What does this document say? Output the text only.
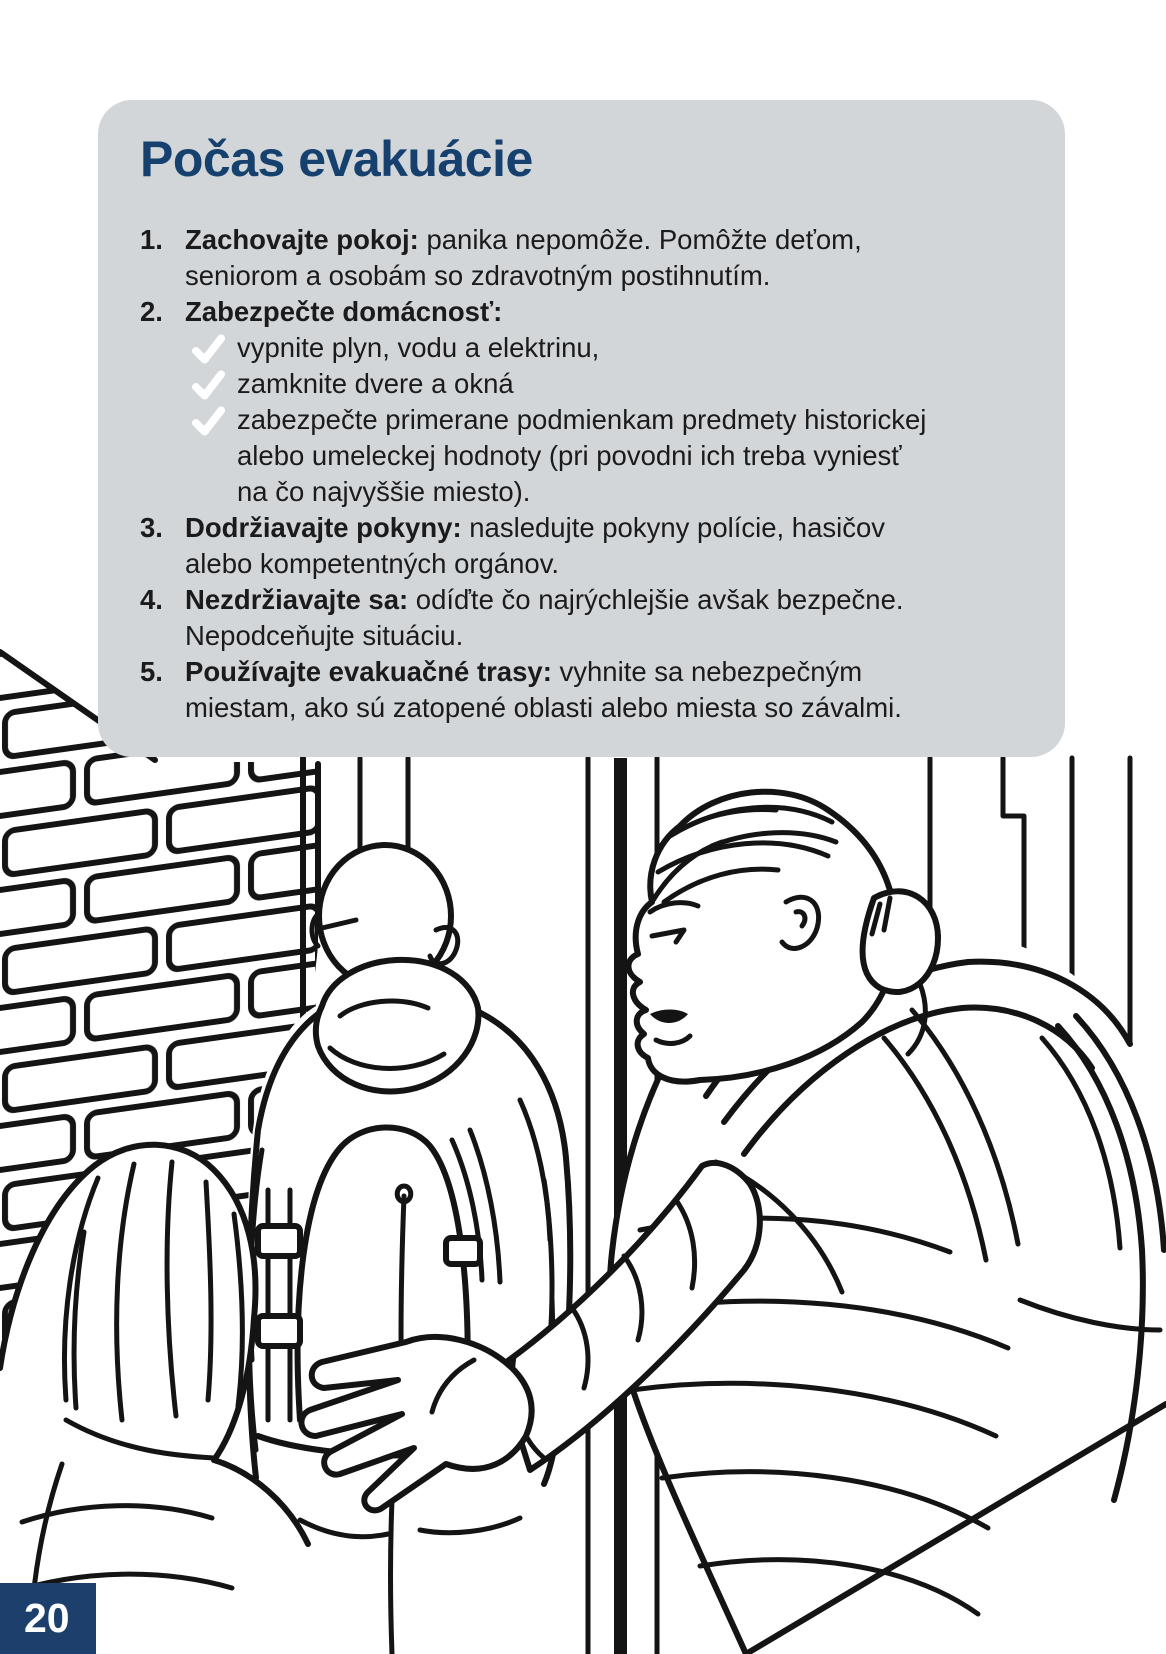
Počas evakuácie
1. Zachovajte pokoj: panika nepomôže. Pomôžte deťom, seniorom a osobám so zdravotným postihnutím.
2. Zabezpečte domácnosť:
vypnite plyn, vodu a elektrinu,
zamknite dvere a okná
zabezpečte primerane podmienkam predmety historickej alebo umeleckej hodnoty (pri povodni ich treba vyniesť na čo najvyššie miesto).
3. Dodržiavajte pokyny: nasledujte pokyny polície, hasičov alebo kompetentných orgánov.
4. Nezdržiavajte sa: odíďte čo najrýchlejšie avšak bezpečne. Nepodceňujte situáciu.
5. Používajte evakuačné trasy: vyhnite sa nebezpečným miestam, ako sú zatopené oblasti alebo miesta so závalmi.
20
